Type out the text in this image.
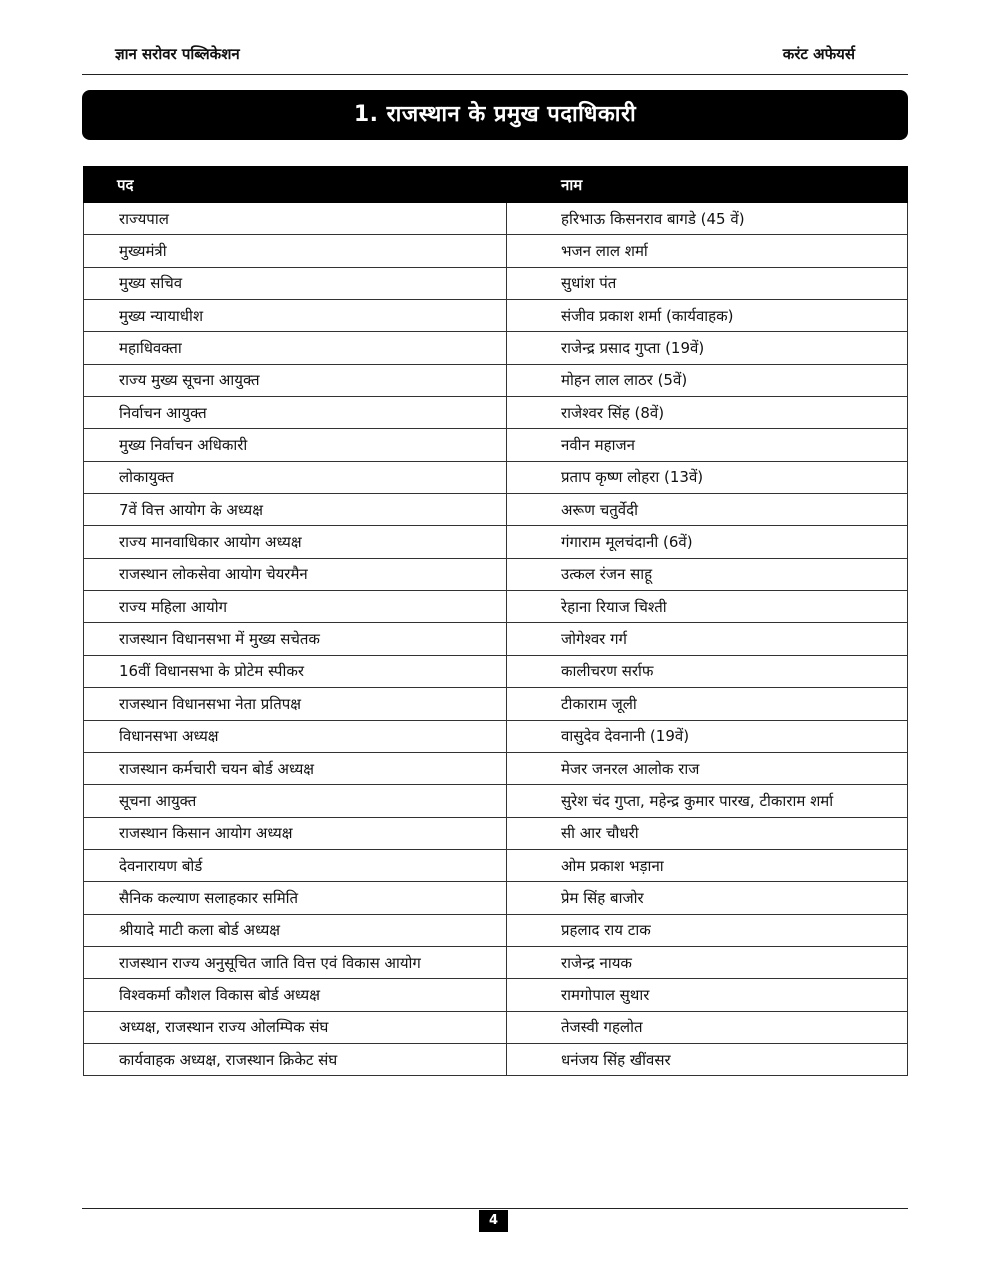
ज्ञान सरोवर पब्लिकेशन	करंट अफेयर्स
1. राजस्थान के प्रमुख पदाधिकारी
पद	नाम
राज्यपाल	हरिभाऊ किसनराव बागडे (45 वें)
मुख्यमंत्री	भजन लाल शर्मा
मुख्य सचिव	सुधांश पंत
मुख्य न्यायाधीश	संजीव प्रकाश शर्मा (कार्यवाहक)
महाधिवक्ता	राजेन्द्र प्रसाद गुप्ता (19वें)
राज्य मुख्य सूचना आयुक्त	मोहन लाल लाठर (5वें)
निर्वाचन आयुक्त	राजेश्वर सिंह (8वें)
मुख्य निर्वाचन अधिकारी	नवीन महाजन
लोकायुक्त	प्रताप कृष्ण लोहरा (13वें)
7वें वित्त आयोग के अध्यक्ष	अरूण चतुर्वेदी
राज्य मानवाधिकार आयोग अध्यक्ष	गंगाराम मूलचंदानी (6वें)
राजस्थान लोकसेवा आयोग चेयरमैन	उत्कल रंजन साहू
राज्य महिला आयोग	रेहाना रियाज चिश्ती
राजस्थान विधानसभा में मुख्य सचेतक	जोगेश्वर गर्ग
16वीं विधानसभा के प्रोटेम स्पीकर	कालीचरण सर्राफ
राजस्थान विधानसभा नेता प्रतिपक्ष	टीकाराम जूली
विधानसभा अध्यक्ष	वासुदेव देवनानी (19वें)
राजस्थान कर्मचारी चयन बोर्ड अध्यक्ष	मेजर जनरल आलोक राज
सूचना आयुक्त	सुरेश चंद गुप्ता, महेन्द्र कुमार पारख, टीकाराम शर्मा
राजस्थान किसान आयोग अध्यक्ष	सी आर चौधरी
देवनारायण बोर्ड	ओम प्रकाश भड़ाना
सैनिक कल्याण सलाहकार समिति	प्रेम सिंह बाजोर
श्रीयादे माटी कला बोर्ड अध्यक्ष	प्रहलाद राय टाक
राजस्थान राज्य अनुसूचित जाति वित्त एवं विकास आयोग	राजेन्द्र नायक
विश्वकर्मा कौशल विकास बोर्ड अध्यक्ष	रामगोपाल सुथार
अध्यक्ष, राजस्थान राज्य ओलम्पिक संघ	तेजस्वी गहलोत
कार्यवाहक अध्यक्ष, राजस्थान क्रिकेट संघ	धनंजय सिंह खींवसर
4
